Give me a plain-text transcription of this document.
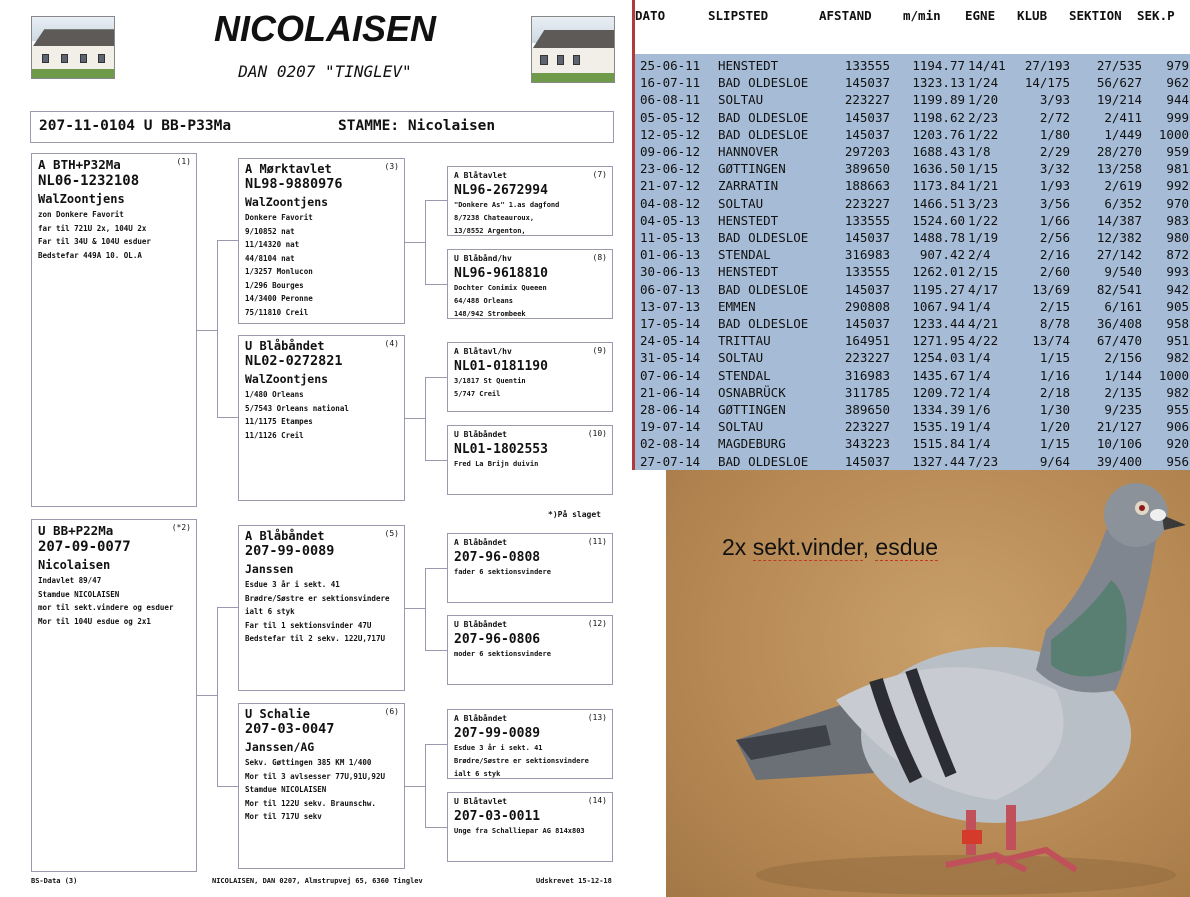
NICOLAISEN
DAN 0207 "TINGLEV"
207-11-0104 U BB-P33Ma	STAMME: Nicolaisen
(1)
A BTH+P32Ma
NL06-1232108
WalZoontjens
zon Donkere Favorit
far til 721U 2x, 104U 2x
Far til 34U & 104U esduer
Bedstefar 449A 10. OL.A
(*2)
U BB+P22Ma
207-09-0077
Nicolaisen
Indavlet 89/47
Stamdue NICOLAISEN
mor til sekt.vindere og esduer
Mor til 104U esdue og 2x1
(3)
A Mørktavlet
NL98-9880976
WalZoontjens
Donkere Favorit
9/10852 nat
11/14320 nat
44/8104 nat
1/3257 Monlucon
1/296 Bourges
14/3400 Peronne
75/11810 Creil
(4)
U Blåbåndet
NL02-0272821
WalZoontjens
1/480 Orleans
5/7543 Orleans national
11/1175 Etampes
11/1126 Creil
(5)
A Blåbåndet
207-99-0089
Janssen
Esdue 3 år i sekt. 41
Brødre/Søstre er sektionsvindere
ialt 6 styk
Far til 1 sektionsvinder 47U
Bedstefar til 2 sekv. 122U,717U
(6)
U Schalie
207-03-0047
Janssen/AG
Sekv. Gøttingen 385 KM 1/400
Mor til 3 avlsesser 77U,91U,92U
Stamdue NICOLAISEN
Mor til 122U sekv. Braunschw.
Mor til 717U sekv
(7)
A Blåtavlet
NL96-2672994
"Donkere As" 1.as dagfond
8/7238 Chateauroux,
13/8552 Argenton,
(8)
U Blåbånd/hv
NL96-9618810
Dochter Conimix Queeen
64/488 Orleans
148/942 Strombeek
(9)
A Blåtavl/hv
NL01-0181190
3/1817 St Quentin
5/747 Creil
(10)
U Blåbåndet
NL01-1802553
Fred La Brijn duivin
(11)
A Blåbåndet
207-96-0808
fader 6 sektionsvindere
(12)
U Blåbåndet
207-96-0806
moder 6 sektionsvindere
(13)
A Blåbåndet
207-99-0089
Esdue 3 år i sekt. 41
Brødre/Søstre er sektionsvindere
ialt 6 styk
(14)
U Blåtavlet
207-03-0011
Unge fra Schalliepar AG 814x803
*)På slaget
BS-Data (3)	NICOLAISEN, DAN 0207, Almstrupvej 65, 6360 Tinglev	Udskrevet 15-12-18
DATO	SLIPSTED	AFSTAND	m/min EGNE KLUB SEKTION SEK.P
25-06-11 HENSTEDT	133555	1194.77 14/41	27/193	27/535	979
16-07-11 BAD OLDESLOE	145037	1323.13 1/24	14/175	56/627	962
06-08-11 SOLTAU	223227	1199.89 1/20	3/93	19/214	944
05-05-12 BAD OLDESLOE	145037	1198.62 2/23	2/72	2/411	999
12-05-12 BAD OLDESLOE	145037	1203.76 1/22	1/80	1/449	1000
09-06-12 HANNOVER	297203	1688.43 1/8	2/29	28/270	959
23-06-12 GØTTINGEN	389650	1636.50 1/15	3/32	13/258	981
21-07-12 ZARRATIN	188663	1173.84 1/21	1/93	2/619	992
04-08-12 SOLTAU	223227	1466.51 3/23	3/56	6/352	970
04-05-13 HENSTEDT	133555	1524.60 1/22	1/66	14/387	983
11-05-13 BAD OLDESLOE	145037	1488.78 1/19	2/56	12/382	980
01-06-13 STENDAL	316983	907.42 2/4	2/16	27/142	872
30-06-13 HENSTEDT	133555	1262.01 2/15	2/60	9/540	993
06-07-13 BAD OLDESLOE	145037	1195.27 4/17	13/69	82/541	942
13-07-13 EMMEN	290808	1067.94 1/4	2/15	6/161	905
17-05-14 BAD OLDESLOE	145037	1233.44 4/21	8/78	36/408	958
24-05-14 TRITTAU	164951	1271.95 4/22	13/74	67/470	951
31-05-14 SOLTAU	223227	1254.03 1/4	1/15	2/156	982
07-06-14 STENDAL	316983	1435.67 1/4	1/16	1/144	1000
21-06-14 OSNABRÜCK	311785	1209.72 1/4	2/18	2/135	982
28-06-14 GØTTINGEN	389650	1334.39 1/6	1/30	9/235	955
19-07-14 SOLTAU	223227	1535.19 1/4	1/20	21/127	906
02-08-14 MAGDEBURG	343223	1515.84 1/4	1/15	10/106	920
27-07-14 BAD OLDESLOE	145037	1327.44 7/23	9/64	39/400	956
2x sekt.vinder, esdue
